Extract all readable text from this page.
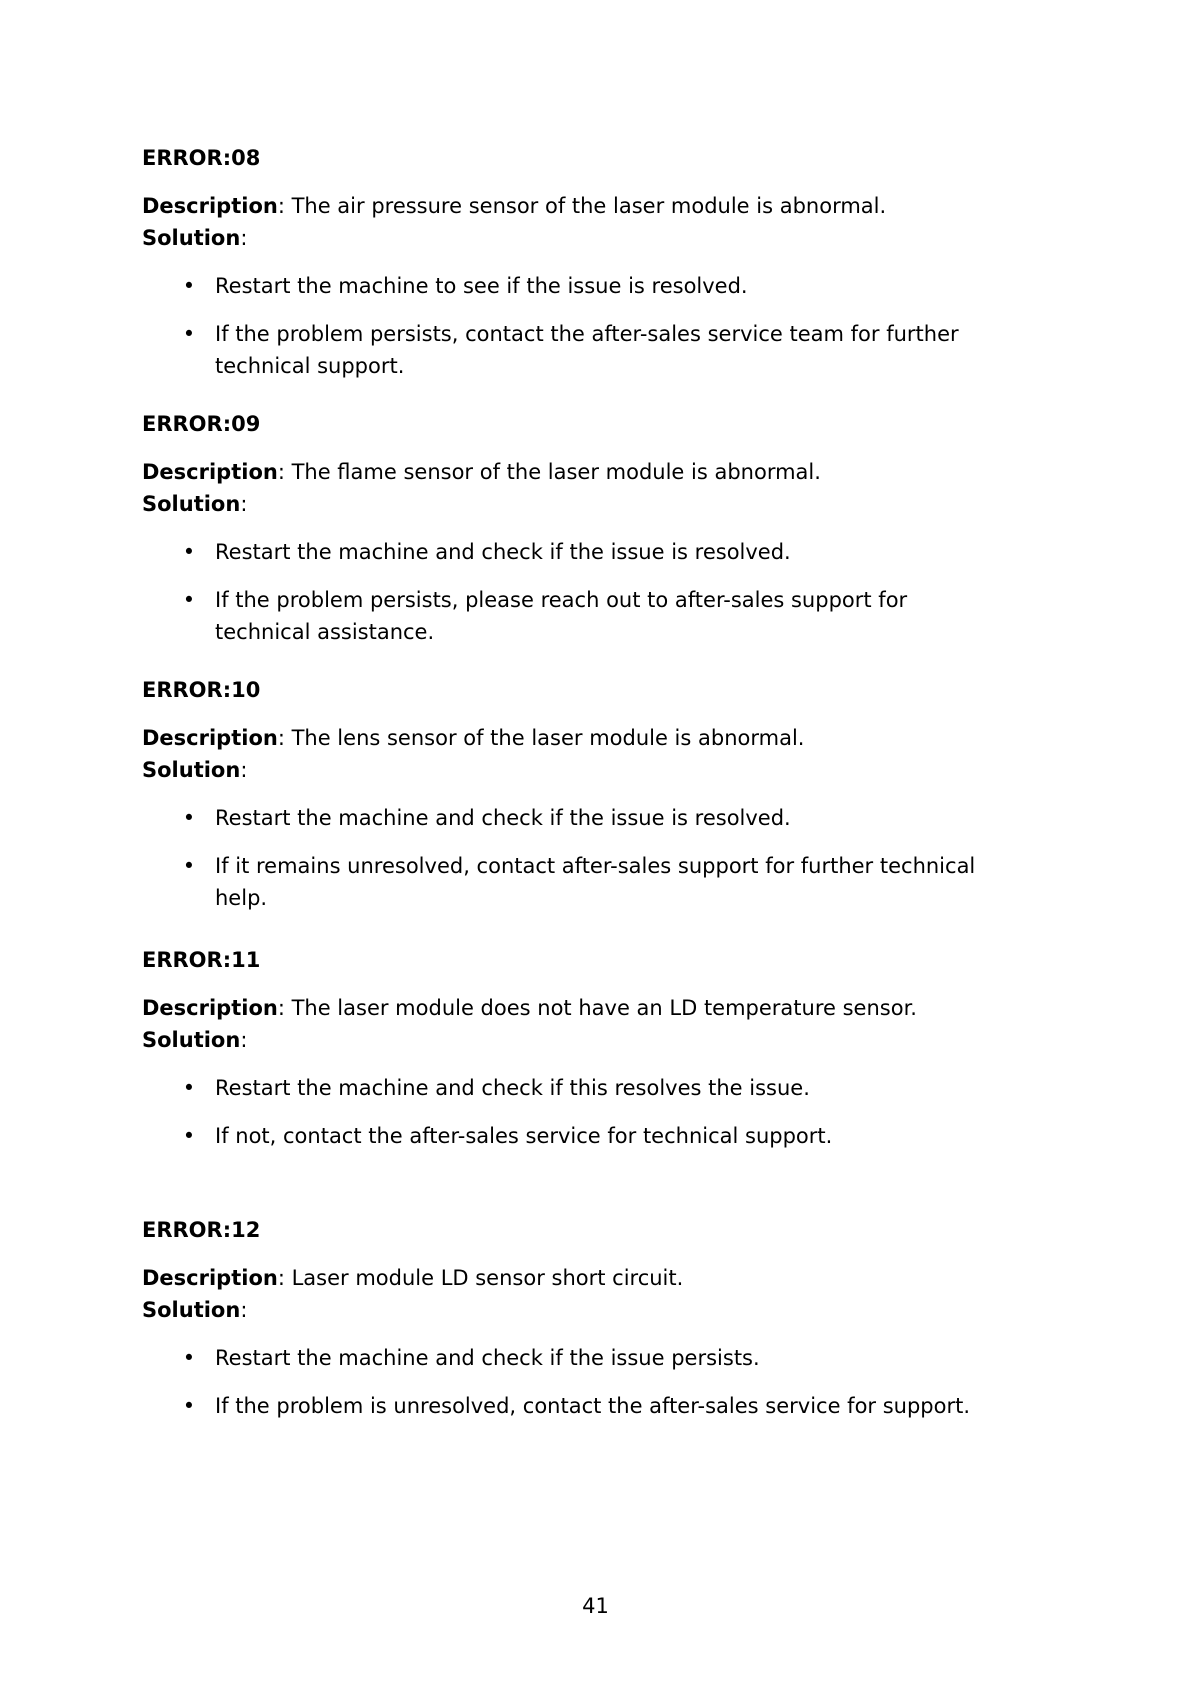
ERROR:08

Description: The air pressure sensor of the laser module is abnormal.

Solution:

• Restart the machine to see if the issue is resolved.
• If the problem persists, contact the after-sales service team for further technical support.

ERROR:09

Description: The flame sensor of the laser module is abnormal.

Solution:

• Restart the machine and check if the issue is resolved.
• If the problem persists, please reach out to after-sales support for technical assistance.

ERROR:10

Description: The lens sensor of the laser module is abnormal.

Solution:

• Restart the machine and check if the issue is resolved.
• If it remains unresolved, contact after-sales support for further technical help.

ERROR:11

Description: The laser module does not have an LD temperature sensor.

Solution:

• Restart the machine and check if this resolves the issue.
• If not, contact the after-sales service for technical support.

ERROR:12

Description: Laser module LD sensor short circuit.

Solution:

• Restart the machine and check if the issue persists.
• If the problem is unresolved, contact the after-sales service for support.
41
